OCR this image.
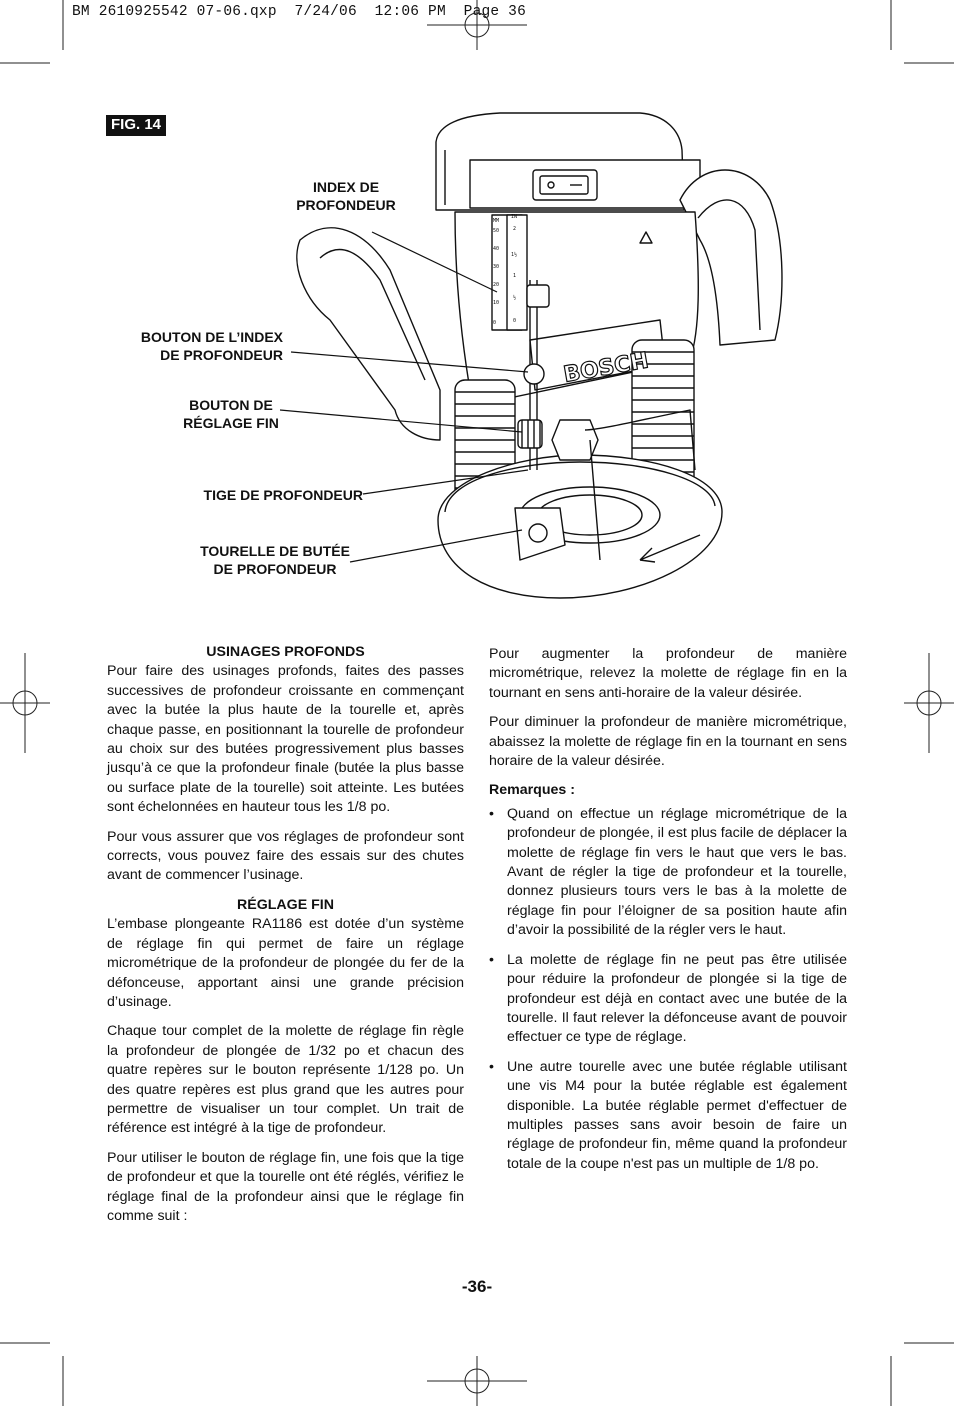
BM 2610925542 07-06.qxp  7/24/06  12:06 PM  Page 36
FIG. 14
MM
50
40
30
20
10
0
IN
2
1½
1
½
0
BOSCH
INDEX DE
PROFONDEUR
BOUTON DE L’INDEX
DE PROFONDEUR
BOUTON DE
RÉGLAGE FIN
TIGE DE PROFONDEUR
TOURELLE DE BUTÉE
DE PROFONDEUR
USINAGES PROFONDS

Pour faire des usinages profonds, faites des passes successives de profondeur croissante en commençant avec la butée la plus haute de la tourelle et, après chaque passe, en positionnant la tourelle de profondeur au choix sur des butées progressivement plus basses jusqu’à ce que la profondeur finale (butée la plus basse ou surface plate de la tourelle) soit atteinte. Les butées sont échelonnées en hauteur tous les 1/8 po.

Pour vous assurer que vos réglages de profondeur sont corrects, vous pouvez faire des essais sur des chutes avant de commencer l’usinage.

RÉGLAGE FIN

L’embase plongeante RA1186 est dotée d’un système de réglage fin qui permet de faire un réglage micrométrique de la profondeur de plongée du fer de la défonceuse, apportant ainsi une grande précision d’usinage.

Chaque tour complet de la molette de réglage fin règle la profondeur de plongée de 1/32 po et chacun des quatre repères sur le bouton représente 1/128 po. Un des quatre repères est plus grand que les autres pour permettre de visualiser un tour complet. Un trait de référence est intégré à la tige de profondeur.

Pour utiliser le bouton de réglage fin, une fois que la tige de profondeur et que la tourelle ont été réglés, vérifiez le réglage final de la profondeur ainsi que le réglage fin comme suit :

Pour augmenter la profondeur de manière micrométrique, relevez la molette de réglage fin en la tournant en sens anti-horaire de la valeur désirée.

Pour diminuer la profondeur de manière micrométrique, abaissez la molette de réglage fin en la tournant en sens horaire de la valeur désirée.

Remarques :

• Quand on effectue un réglage micrométrique de la profondeur de plongée, il est plus facile de déplacer la molette de réglage fin vers le haut que vers le bas. Avant de régler la tige de profondeur et la tourelle, donnez plusieurs tours vers le bas à la molette de réglage fin pour l’éloigner de sa position haute afin d’avoir la possibilité de la régler vers le haut.
• La molette de réglage fin ne peut pas être utilisée pour réduire la profondeur de plongée si la tige de profondeur est déjà en contact avec une butée de la tourelle. Il faut relever la défonceuse avant de pouvoir effectuer ce type de réglage.
• Une autre tourelle avec une butée réglable utilisant une vis M4 pour la butée réglable est également disponible. La butée réglable permet d'effectuer de multiples passes sans avoir besoin de faire un réglage de profondeur fin, même quand la profondeur totale de la coupe n'est pas un multiple de 1/8 po.
-36-
